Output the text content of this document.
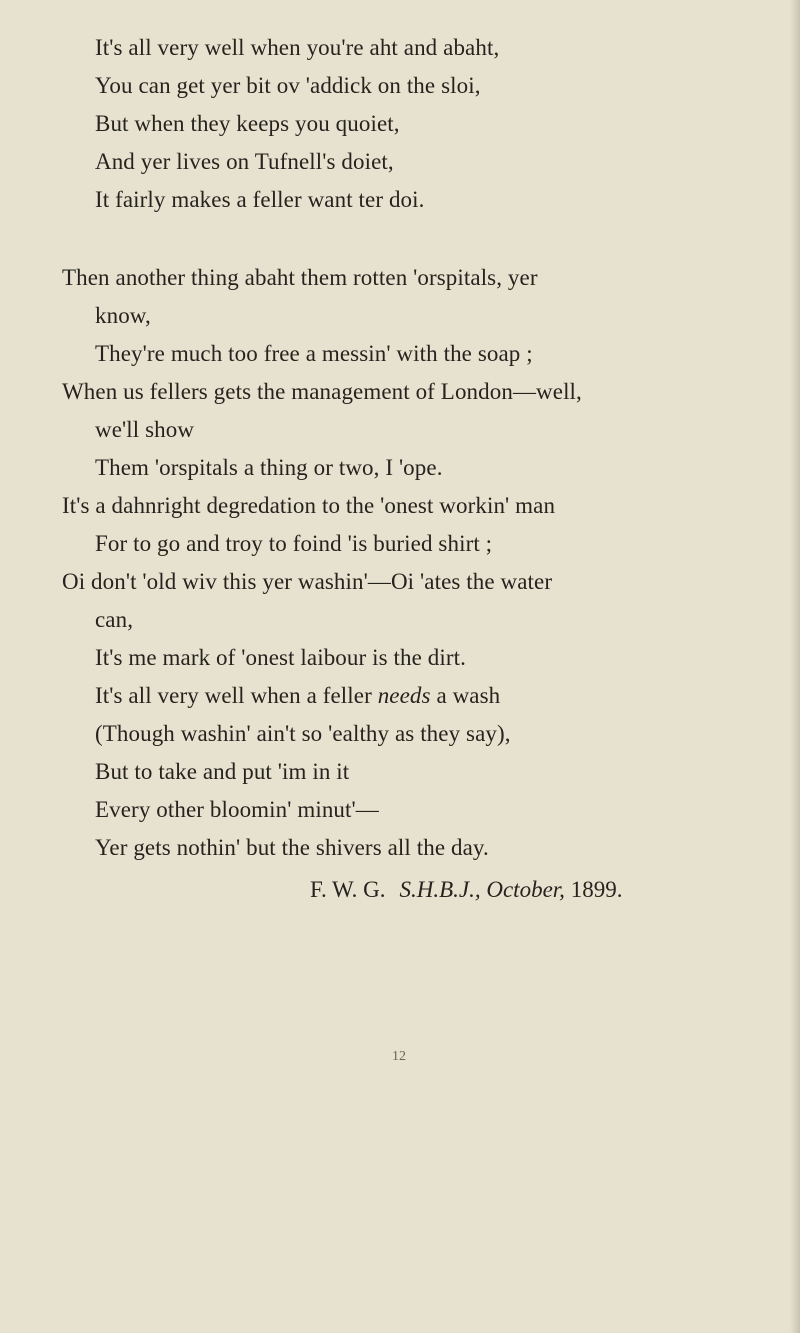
It's all very well when you're aht and abaht,
You can get yer bit ov 'addick on the sloi,
But when they keeps you quoiet,
And yer lives on Tufnell's doiet,
It fairly makes a feller want ter doi.
Then another thing abaht them rotten 'orspitals, yer
know,
They're much too free a messin' with the soap ;
When us fellers gets the management of London—well,
we'll show
Them 'orspitals a thing or two, I 'ope.
It's a dahnright degredation to the 'onest workin' man
For to go and troy to foind 'is buried shirt ;
Oi don't 'old wiv this yer washin'—Oi 'ates the water
can,
It's me mark of 'onest laibour is the dirt.
It's all very well when a feller needs a wash
(Though washin' ain't so 'ealthy as they say),
But to take and put 'im in it
Every other bloomin' minut'—
Yer gets nothin' but the shivers all the day.
F. W. G. S.H.B.J., October, 1899.
12
